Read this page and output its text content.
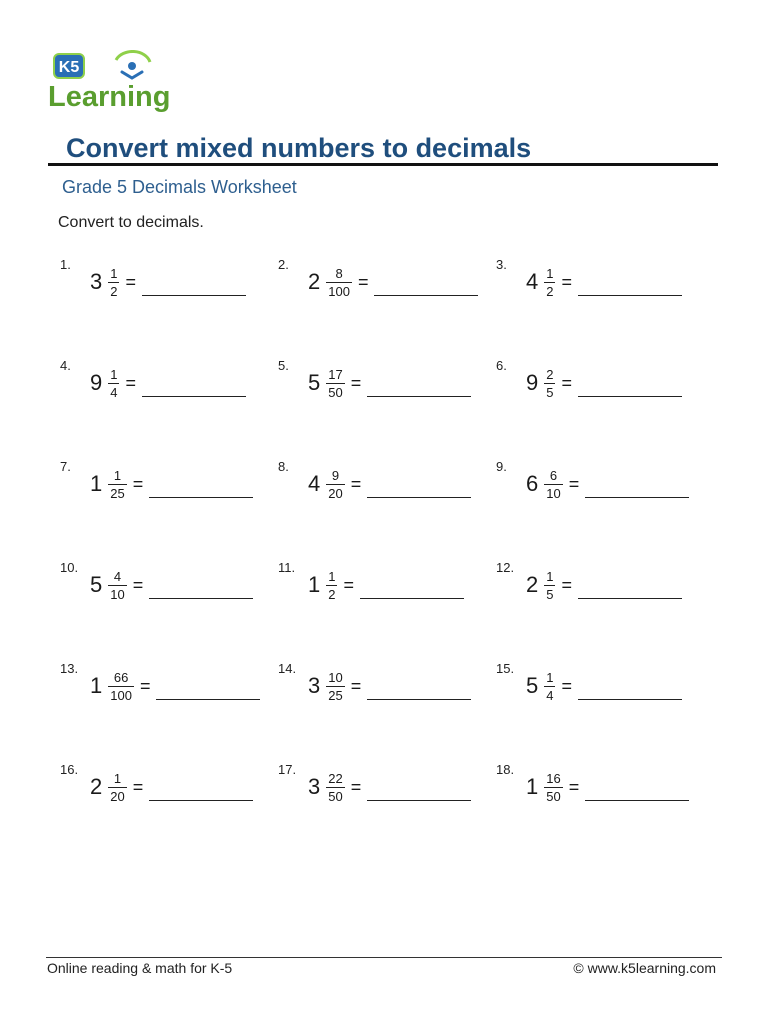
K5
Learning
Convert mixed numbers to decimals
Grade 5 Decimals Worksheet
Convert to decimals.
1.
$3 \frac{1}{2}$ =
2.
$2 \frac{8}{100}$ =
3.
$4 \frac{1}{2}$ =
4.
$9 \frac{1}{4}$ =
5.
$5 \frac{17}{50}$ =
6.
$9 \frac{2}{5}$ =
7.
$1 \frac{1}{25}$ =
8.
$4 \frac{9}{20}$ =
9.
$6 \frac{6}{10}$ =
10.
$5 \frac{4}{10}$ =
11.
$1 \frac{1}{2}$ =
12.
$2 \frac{1}{5}$ =
13.
$1 \frac{66}{100}$ =
14.
$3 \frac{10}{25}$ =
15.
$5 \frac{1}{4}$ =
16.
$2 \frac{1}{20}$ =
17.
$3 \frac{22}{50}$ =
18.
$1 \frac{16}{50}$ =
Online reading & math for K-5	© www.k5learning.com
